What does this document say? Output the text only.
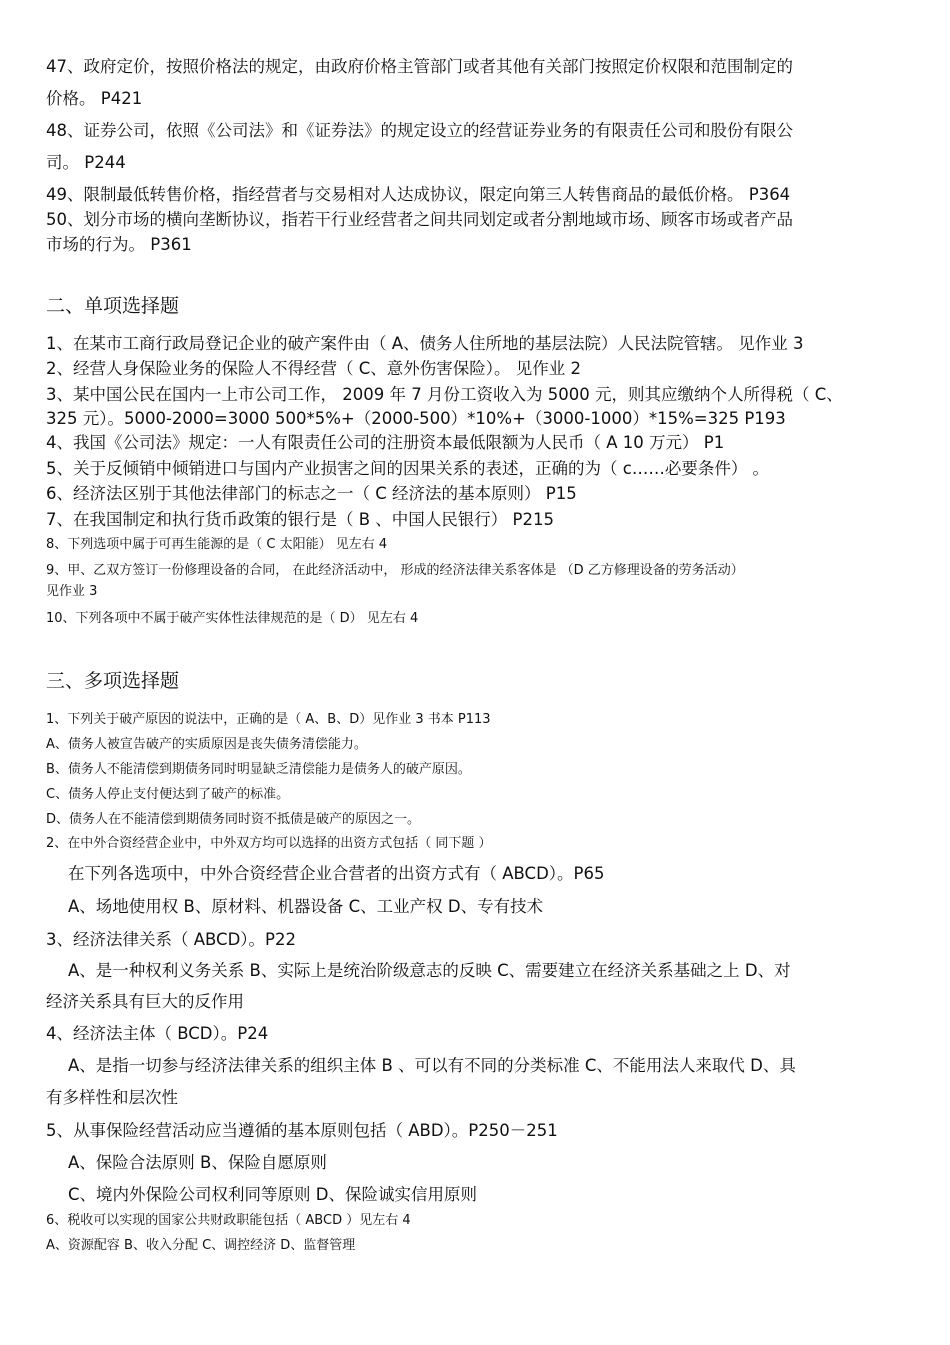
47、政府定价，按照价格法的规定，由政府价格主管部门或者其他有关部门按照定价权限和范围制定的
价格。 P421
48、证券公司，依照《公司法》和《证券法》的规定设立的经营证券业务的有限责任公司和股份有限公
司。 P244
49、限制最低转售价格，指经营者与交易相对人达成协议，限定向第三人转售商品的最低价格。 P364
50、划分市场的横向垄断协议，指若干行业经营者之间共同划定或者分割地域市场、顾客市场或者产品
市场的行为。 P361
二、单项选择题
1、在某市工商行政局登记企业的破产案件由（ A、债务人住所地的基层法院）人民法院管辖。 见作业 3
2、经营人身保险业务的保险人不得经营（ C、意外伤害保险）。 见作业 2
3、某中国公民在国内一上市公司工作， 2009 年 7 月份工资收入为 5000 元，则其应缴纳个人所得税（ C、
325 元）。5000-2000=3000 500*5%+（2000-500）*10%+（3000-1000）*15%=325 P193
4、我国《公司法》规定：一人有限责任公司的注册资本最低限额为人民币（ A 10 万元） P1
5、关于反倾销中倾销进口与国内产业损害之间的因果关系的表述，正确的为（ c……必要条件） 。
6、经济法区别于其他法律部门的标志之一（ C 经济法的基本原则） P15
7、在我国制定和执行货币政策的银行是（ B 、中国人民银行） P215
8、下列选项中属于可再生能源的是（ C 太阳能） 见左右 4
9、甲、乙双方签订一份修理设备的合同， 在此经济活动中， 形成的经济法律关系客体是 （D 乙方修理设备的劳务活动）
见作业 3
10、下列各项中不属于破产实体性法律规范的是（ D） 见左右 4
三、多项选择题
1、下列关于破产原因的说法中，正确的是（ A、B、D）见作业 3 书本 P113
A、债务人被宣告破产的实质原因是丧失债务清偿能力。
B、债务人不能清偿到期债务同时明显缺乏清偿能力是债务人的破产原因。
C、债务人停止支付便达到了破产的标准。
D、债务人在不能清偿到期债务同时资不抵债是破产的原因之一。
2、在中外合资经营企业中，中外双方均可以选择的出资方式包括（ 同下题 ）
在下列各选项中，中外合资经营企业合营者的出资方式有（ ABCD）。P65
A、场地使用权 B、原材料、机器设备 C、工业产权 D、专有技术
3、经济法律关系（ ABCD）。P22
A、是一种权利义务关系 B、实际上是统治阶级意志的反映 C、需要建立在经济关系基础之上 D、对
经济关系具有巨大的反作用
4、经济法主体（ BCD）。P24
A、是指一切参与经济法律关系的组织主体 B 、可以有不同的分类标准 C、不能用法人来取代 D、具
有多样性和层次性
5、从事保险经营活动应当遵循的基本原则包括（ ABD）。P250－251
A、保险合法原则 B、保险自愿原则
C、境内外保险公司权利同等原则 D、保险诚实信用原则
6、税收可以实现的国家公共财政职能包括（ ABCD ）见左右 4
A、资源配容 B、收入分配 C、调控经济 D、监督管理
